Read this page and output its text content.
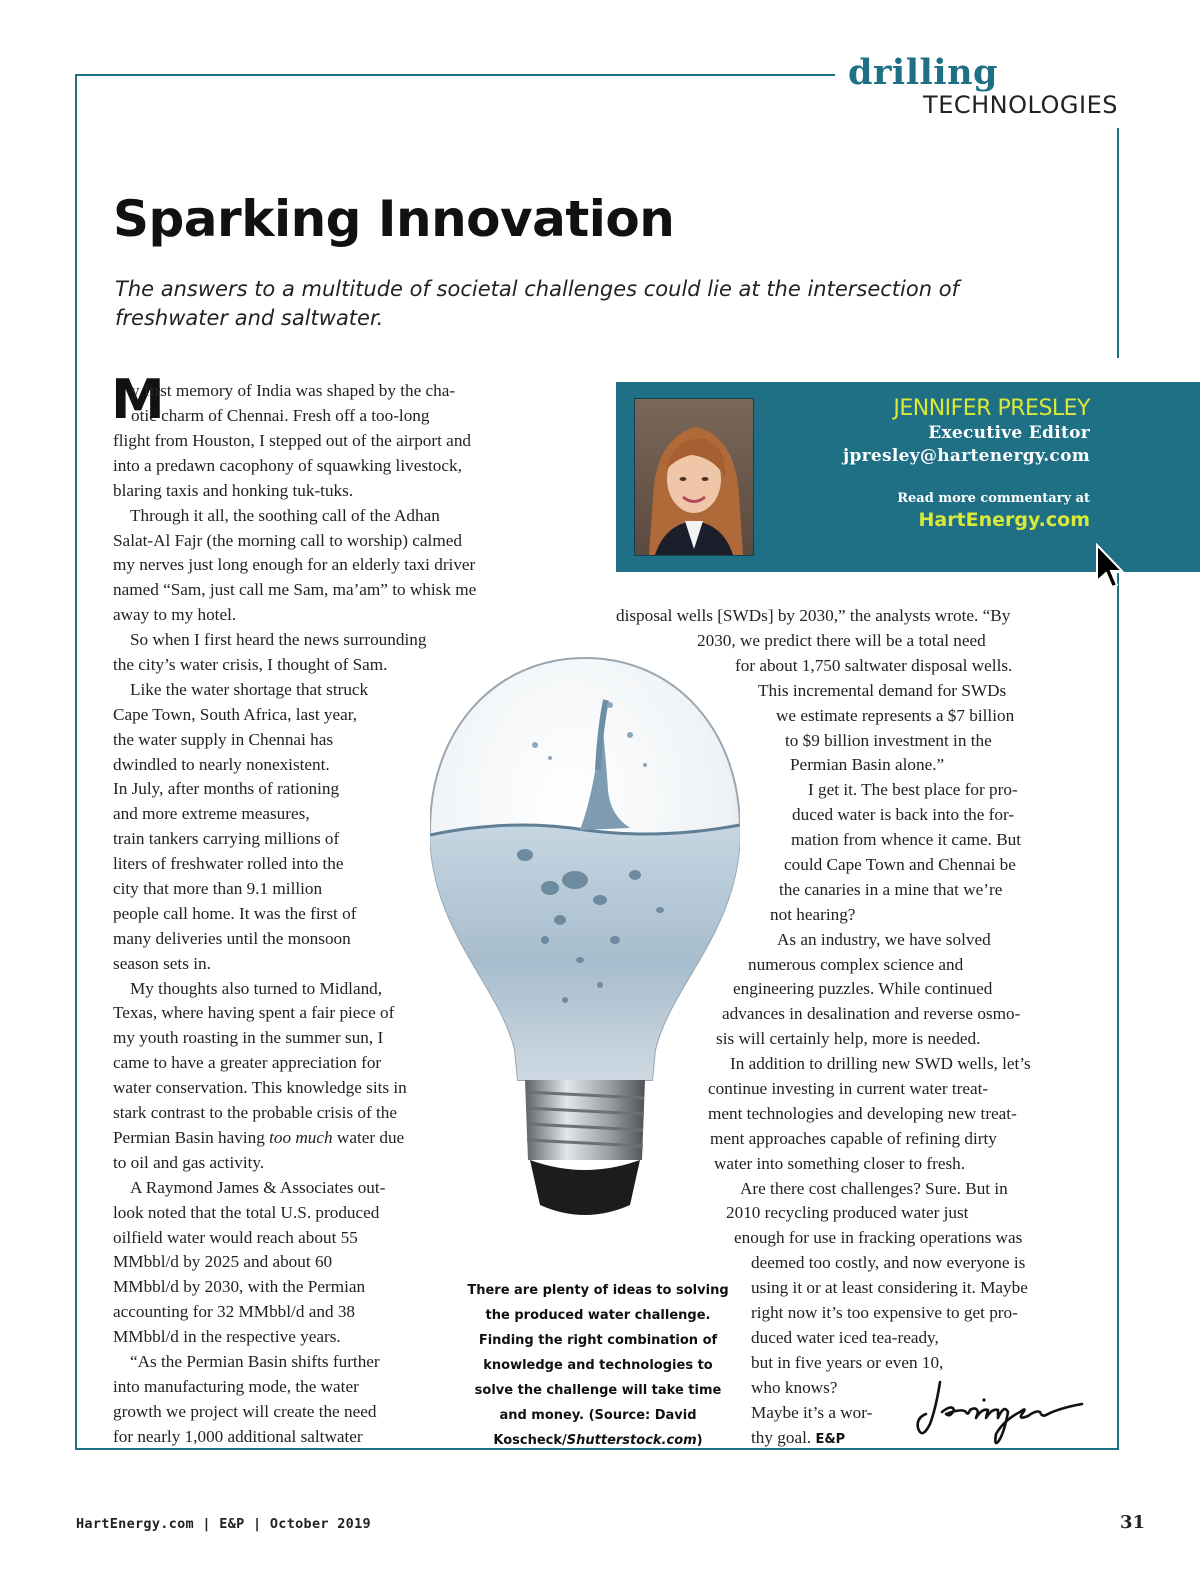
drilling
TECHNOLOGIES
Sparking Innovation

The answers to a multitude of societal challenges could lie at the intersection of freshwater and saltwater.

JENNIFER PRESLEY
Executive Editor
jpresley@hartenergy.com
Read more commentary at
HartEnergy.com
M
y first memory of India was shaped by the cha-
otic charm of Chennai. Fresh off a too-long
flight from Houston, I stepped out of the airport and
into a predawn cacophony of squawking livestock,
blaring taxis and honking tuk-tuks.
Through it all, the soothing call of the Adhan
Salat-Al Fajr (the morning call to worship) calmed
my nerves just long enough for an elderly taxi driver
named “Sam, just call me Sam, ma’am” to whisk me
away to my hotel.
So when I first heard the news surrounding
the city’s water crisis, I thought of Sam.
Like the water shortage that struck
Cape Town, South Africa, last year,
the water supply in Chennai has
dwindled to nearly nonexistent.
In July, after months of rationing
and more extreme measures,
train tankers carrying millions of
liters of freshwater rolled into the
city that more than 9.1 million
people call home. It was the first of
many deliveries until the monsoon
season sets in.
My thoughts also turned to Midland,
Texas, where having spent a fair piece of
my youth roasting in the summer sun, I
came to have a greater appreciation for
water conservation. This knowledge sits in
stark contrast to the probable crisis of the
Permian Basin having too much water due
to oil and gas activity.
A Raymond James & Associates out-
look noted that the total U.S. produced
oilfield water would reach about 55
MMbbl/d by 2025 and about 60
MMbbl/d by 2030, with the Permian
accounting for 32 MMbbl/d and 38
MMbbl/d in the respective years.
“As the Permian Basin shifts further
into manufacturing mode, the water
growth we project will create the need
for nearly 1,000 additional saltwater
disposal wells [SWDs] by 2030,” the analysts wrote. “By
2030, we predict there will be a total need
for about 1,750 saltwater disposal wells.
This incremental demand for SWDs
we estimate represents a $7 billion
to $9 billion investment in the
Permian Basin alone.”
I get it. The best place for pro-
duced water is back into the for-
mation from whence it came. But
could Cape Town and Chennai be
the canaries in a mine that we’re
not hearing?
As an industry, we have solved
numerous complex science and
engineering puzzles. While continued
advances in desalination and reverse osmo-
sis will certainly help, more is needed.
In addition to drilling new SWD wells, let’s
continue investing in current water treat-
ment technologies and developing new treat-
ment approaches capable of refining dirty
water into something closer to fresh.
Are there cost challenges? Sure. But in
2010 recycling produced water just
enough for use in fracking operations was
deemed too costly, and now everyone is
using it or at least considering it. Maybe
right now it’s too expensive to get pro-
duced water iced tea-ready,
but in five years or even 10,
who knows?
Maybe it’s a wor-
thy goal. E&P
There are plenty of ideas to solving
the produced water challenge.
Finding the right combination of
knowledge and technologies to
solve the challenge will take time
and money. (Source: David
Koscheck/Shutterstock.com)
HartEnergy.com | E&P | October 2019	31
